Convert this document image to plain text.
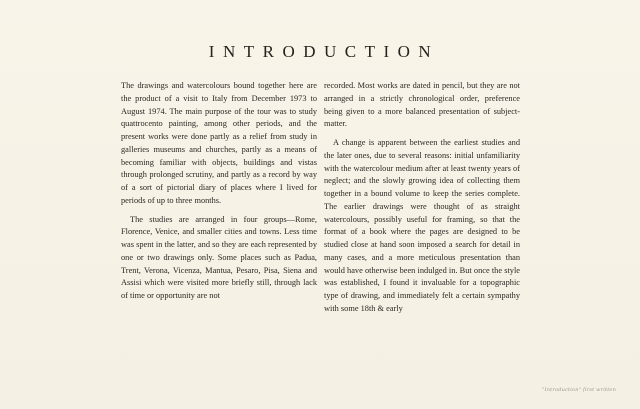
INTRODUCTION

The drawings and watercolours bound together here are the product of a visit to Italy from December 1973 to August 1974. The main purpose of the tour was to study quattrocento painting, among other periods, and the present works were done partly as a relief from study in galleries museums and churches, partly as a means of becoming familiar with objects, buildings and vistas through prolonged scrutiny, and partly as a record by way of a sort of pictorial diary of places where I lived for periods of up to three months.

The studies are arranged in four groups—Rome, Florence, Venice, and smaller cities and towns. Less time was spent in the latter, and so they are each represented by one or two drawings only. Some places such as Padua, Trent, Verona, Vicenza, Mantua, Pesaro, Pisa, Siena and Assisi which were visited more briefly still, through lack of time or opportunity are not

recorded. Most works are dated in pencil, but they are not arranged in a strictly chronological order, preference being given to a more balanced presentation of subject-matter.

A change is apparent between the earliest studies and the later ones, due to several reasons: initial unfamiliarity with the watercolour medium after at least twenty years of neglect; and the slowly growing idea of collecting them together in a bound volume to keep the series complete. The earlier drawings were thought of as straight watercolours, possibly useful for framing, so that the format of a book where the pages are designed to be studied close at hand soon imposed a search for detail in many cases, and a more meticulous presentation than would have otherwise been indulged in. But once the style was established, I found it invaluable for a topographic type of drawing, and immediately felt a certain sympathy with some 18th & early

"Introduction" first written
